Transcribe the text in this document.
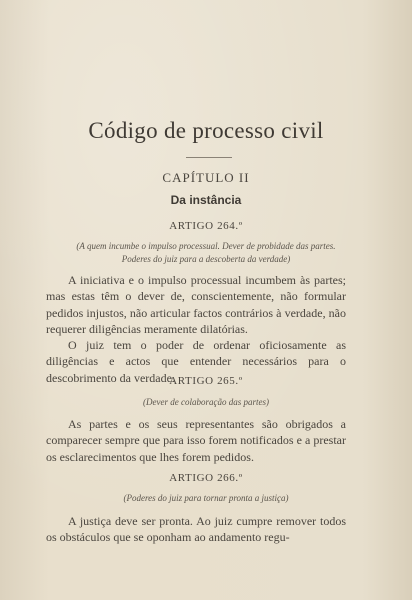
Código de processo civil
CAPÍTULO II
Da instância
ARTIGO 264.º
(A quem incumbe o impulso processual. Dever de probidade das partes.
Poderes do juiz para a descoberta da verdade)

A iniciativa e o impulso processual incumbem às partes; mas estas têm o dever de, conscientemente, não formular pedidos injustos, não articular factos contrários à verdade, não requerer diligências meramente dilatórias.

O juiz tem o poder de ordenar oficiosamente as diligências e actos que entender necessários para o descobrimento da verdade.

ARTIGO 265.º
(Dever de colaboração das partes)

As partes e os seus representantes são obrigados a comparecer sempre que para isso forem notificados e a prestar os esclarecimentos que lhes forem pedidos.

ARTIGO 266.º
(Poderes do juiz para tornar pronta a justiça)

A justiça deve ser pronta. Ao juiz cumpre remover todos os obstáculos que se oponham ao andamento regu-
